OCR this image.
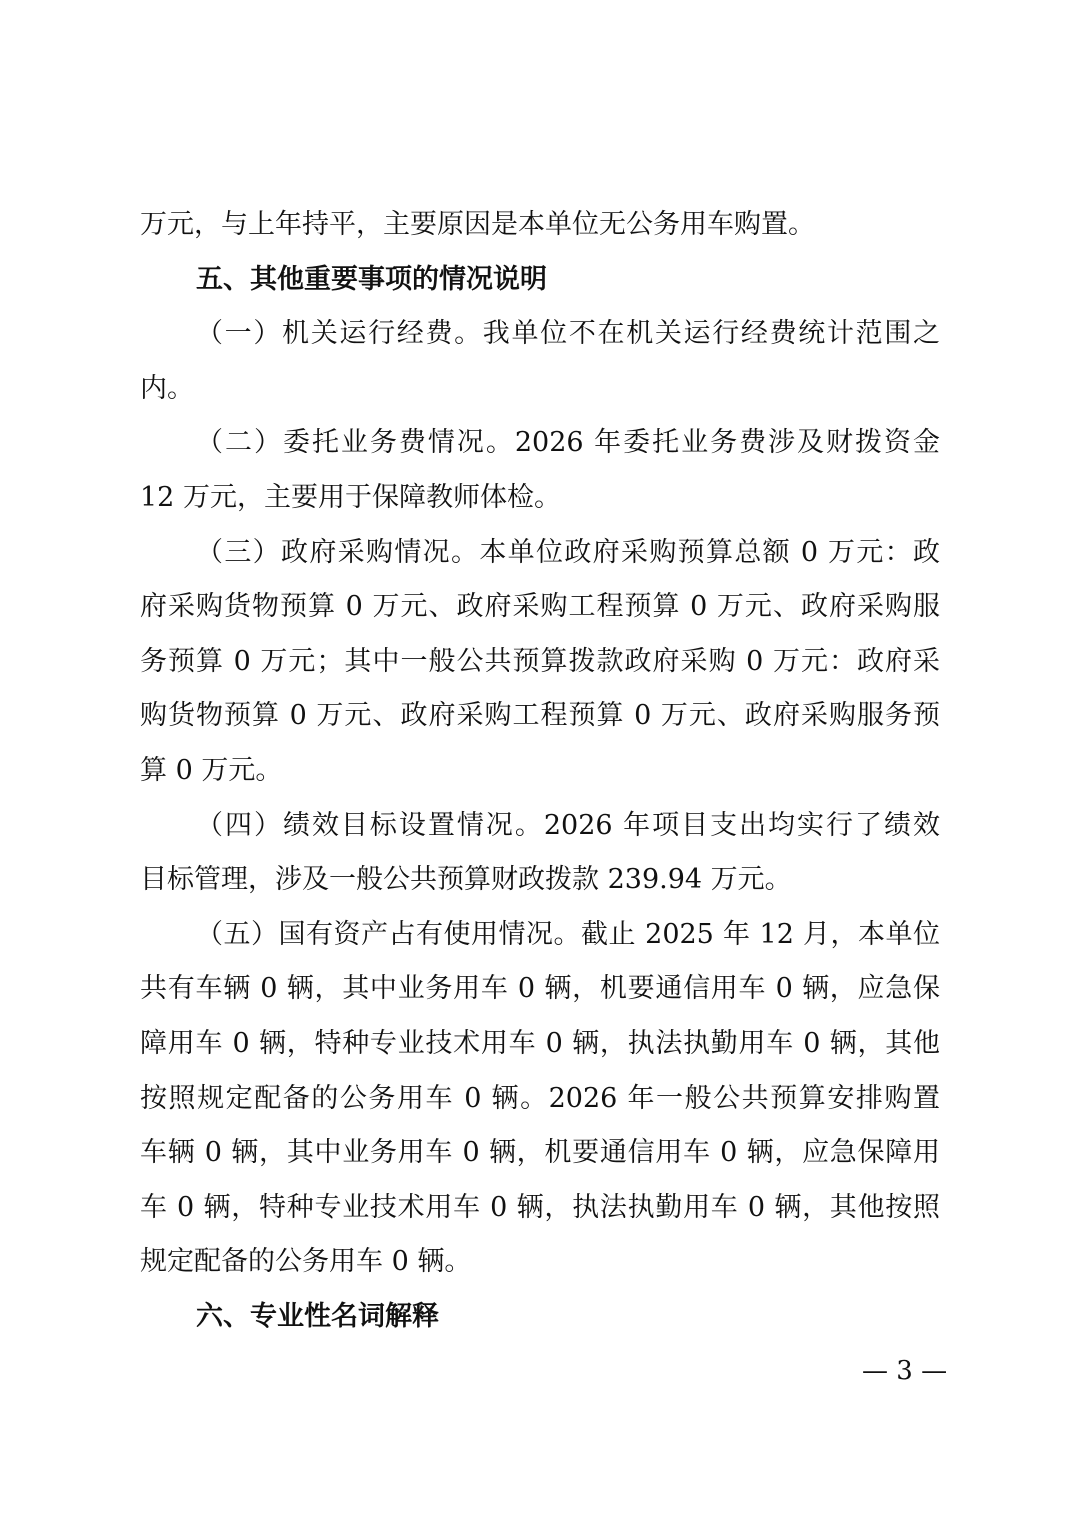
万元，与上年持平，主要原因是本单位无公务用车购置。
五、其他重要事项的情况说明
（一）机关运行经费。我单位不在机关运行经费统计范围之
内。
（二）委托业务费情况。2026 年委托业务费涉及财拨资金
12 万元，主要用于保障教师体检。
（三）政府采购情况。本单位政府采购预算总额 0 万元：政
府采购货物预算 0 万元、政府采购工程预算 0 万元、政府采购服
务预算 0 万元；其中一般公共预算拨款政府采购 0 万元：政府采
购货物预算 0 万元、政府采购工程预算 0 万元、政府采购服务预
算 0 万元。
（四）绩效目标设置情况。2026 年项目支出均实行了绩效
目标管理，涉及一般公共预算财政拨款 239.94 万元。
（五）国有资产占有使用情况。截止 2025 年 12 月，本单位
共有车辆 0 辆，其中业务用车 0 辆，机要通信用车 0 辆，应急保
障用车 0 辆，特种专业技术用车 0 辆，执法执勤用车 0 辆，其他
按照规定配备的公务用车 0 辆。2026 年一般公共预算安排购置
车辆 0 辆，其中业务用车 0 辆，机要通信用车 0 辆，应急保障用
车 0 辆，特种专业技术用车 0 辆，执法执勤用车 0 辆，其他按照
规定配备的公务用车 0 辆。
六、专业性名词解释
— 3 —
